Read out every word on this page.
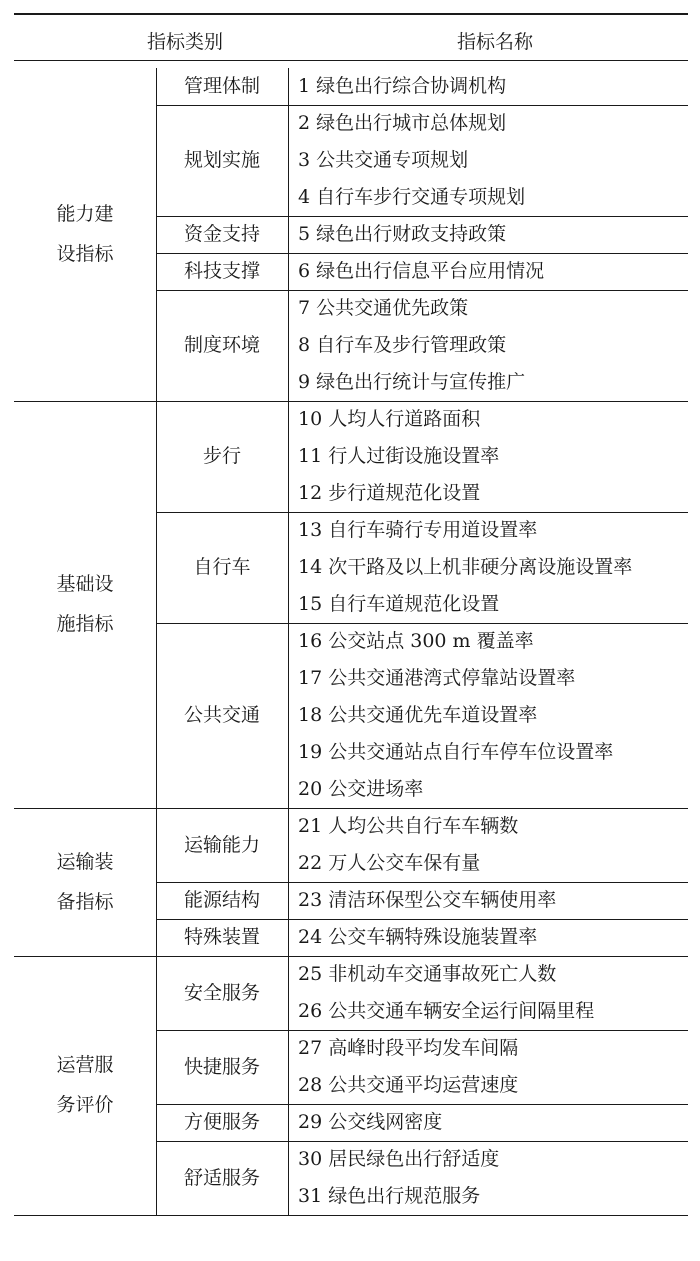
指标类别	指标名称
1 绿色出行综合协调机构
管理体制
2 绿色出行城市总体规划
3 公共交通专项规划
4 自行车步行交通专项规划
规划实施
5 绿色出行财政支持政策
资金支持
6 绿色出行信息平台应用情况
科技支撑
7 公共交通优先政策
8 自行车及步行管理政策
9 绿色出行统计与宣传推广
制度环境
能力建
设指标
10 人均人行道路面积
11 行人过街设施设置率
12 步行道规范化设置
步行
13 自行车骑行专用道设置率
14 次干路及以上机非硬分离设施设置率
15 自行车道规范化设置
自行车
16 公交站点 300 m 覆盖率
17 公共交通港湾式停靠站设置率
18 公共交通优先车道设置率
19 公共交通站点自行车停车位设置率
20 公交进场率
公共交通
基础设
施指标
21 人均公共自行车车辆数
22 万人公交车保有量
运输能力
23 清洁环保型公交车辆使用率
能源结构
24 公交车辆特殊设施装置率
特殊装置
运输装
备指标
25 非机动车交通事故死亡人数
26 公共交通车辆安全运行间隔里程
安全服务
27 高峰时段平均发车间隔
28 公共交通平均运营速度
快捷服务
29 公交线网密度
方便服务
30 居民绿色出行舒适度
31 绿色出行规范服务
舒适服务
运营服
务评价
